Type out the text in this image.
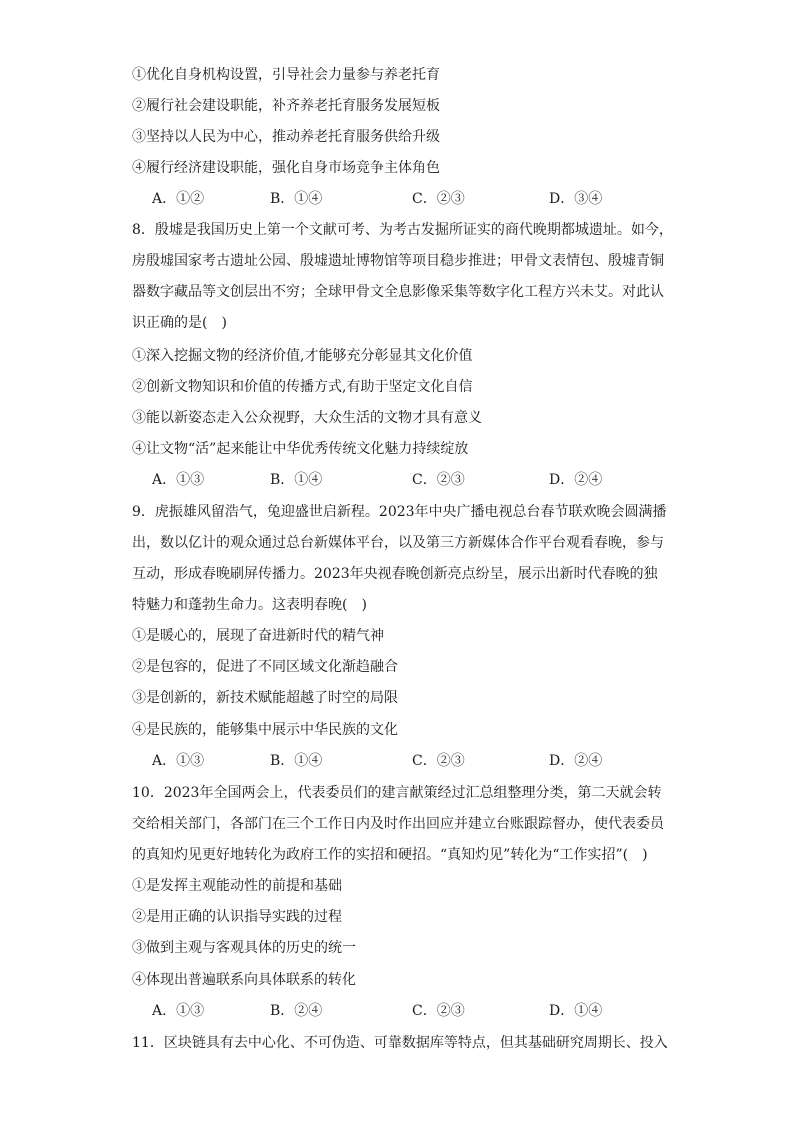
①优化自身机构设置，引导社会力量参与养老托育
②履行社会建设职能，补齐养老托育服务发展短板
③坚持以人民为中心，推动养老托育服务供给升级
④履行经济建设职能，强化自身市场竞争主体角色
A．①②	B．①④	C．②③	D．③④
8．殷墟是我国历史上第一个文献可考、为考古发掘所证实的商代晚期都城遗址。如今，
房殷墟国家考古遗址公园、殷墟遗址博物馆等项目稳步推进；甲骨文表情包、殷墟青铜
器数字藏品等文创层出不穷；全球甲骨文全息影像采集等数字化工程方兴未艾。对此认
识正确的是(　)
①深入挖掘文物的经济价值,才能够充分彰显其文化价值
②创新文物知识和价值的传播方式,有助于坚定文化自信
③能以新姿态走入公众视野，大众生活的文物才具有意义
④让文物“活”起来能让中华优秀传统文化魅力持续绽放
A．①③	B．①④	C．②③	D．②④
9．虎振雄风留浩气，兔迎盛世启新程。2023年中央广播电视总台春节联欢晚会圆满播
出，数以亿计的观众通过总台新媒体平台，以及第三方新媒体合作平台观看春晚，参与
互动，形成春晚刷屏传播力。2023年央视春晚创新亮点纷呈，展示出新时代春晚的独
特魅力和蓬勃生命力。这表明春晚(　)
①是暖心的，展现了奋进新时代的精气神
②是包容的，促进了不同区域文化渐趋融合
③是创新的，新技术赋能超越了时空的局限
④是民族的，能够集中展示中华民族的文化
A．①③	B．①④	C．②③	D．②④
10．2023年全国两会上，代表委员们的建言献策经过汇总组整理分类，第二天就会转
交给相关部门，各部门在三个工作日内及时作出回应并建立台账跟踪督办，使代表委员
的真知灼见更好地转化为政府工作的实招和硬招。“真知灼见”转化为“工作实招”(　)
①是发挥主观能动性的前提和基础
②是用正确的认识指导实践的过程
③做到主观与客观具体的历史的统一
④体现出普遍联系向具体联系的转化
A．①③	B．②④	C．②③	D．①④
11．区块链具有去中心化、不可伪造、可靠数据库等特点，但其基础研究周期长、投入
